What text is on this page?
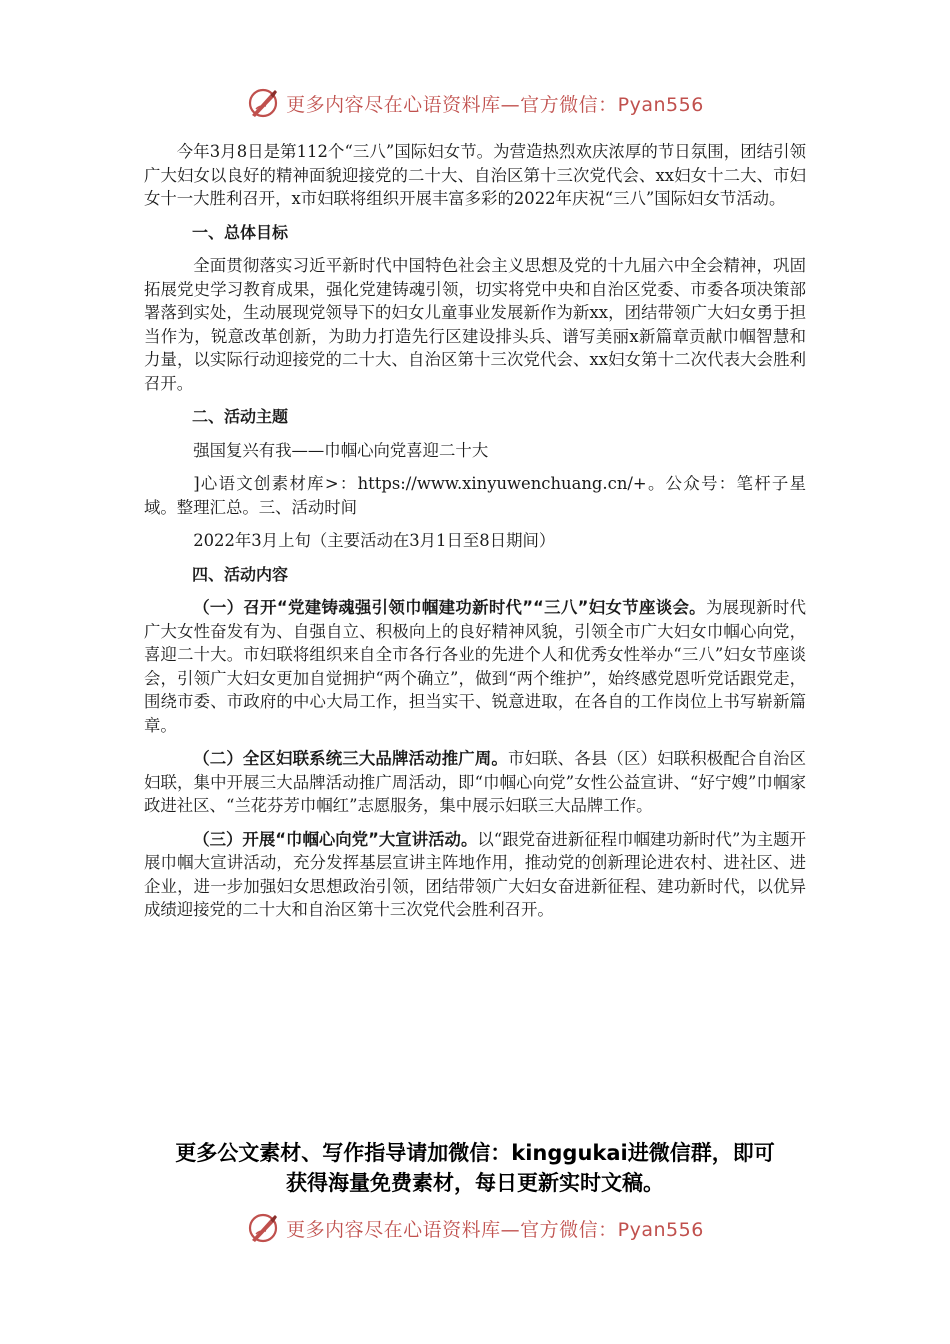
更多内容尽在心语资料库—官方微信：Pyan556

今年3月8日是第112个“三八”国际妇女节。为营造热烈欢庆浓厚的节日氛围，团结引领广大妇女以良好的精神面貌迎接党的二十大、自治区第十三次党代会、xx妇女十二大、市妇女十一大胜利召开，x市妇联将组织开展丰富多彩的2022年庆祝“三八”国际妇女节活动。

一、总体目标

全面贯彻落实习近平新时代中国特色社会主义思想及党的十九届六中全会精神，巩固拓展党史学习教育成果，强化党建铸魂引领，切实将党中央和自治区党委、市委各项决策部署落到实处，生动展现党领导下的妇女儿童事业发展新作为新xx，团结带领广大妇女勇于担当作为，锐意改革创新，为助力打造先行区建设排头兵、谱写美丽x新篇章贡献巾帼智慧和力量，以实际行动迎接党的二十大、自治区第十三次党代会、xx妇女第十二次代表大会胜利召开。

二、活动主题

强国复兴有我——巾帼心向党喜迎二十大

]心语文创素材库>：https://www.xinyuwenchuang.cn/+。公众号：笔杆子星域。整理汇总。三、活动时间

2022年3月上旬（主要活动在3月1日至8日期间）

四、活动内容

（一）召开“党建铸魂强引领巾帼建功新时代”“三八”妇女节座谈会。为展现新时代广大女性奋发有为、自强自立、积极向上的良好精神风貌，引领全市广大妇女巾帼心向党，喜迎二十大。市妇联将组织来自全市各行各业的先进个人和优秀女性举办“三八”妇女节座谈会，引领广大妇女更加自觉拥护“两个确立”，做到“两个维护”，始终感党恩听党话跟党走，围绕市委、市政府的中心大局工作，担当实干、锐意进取，在各自的工作岗位上书写崭新篇章。

（二）全区妇联系统三大品牌活动推广周。市妇联、各县（区）妇联积极配合自治区妇联，集中开展三大品牌活动推广周活动，即“巾帼心向党”女性公益宣讲、“好宁嫂”巾帼家政进社区、“兰花芬芳巾帼红”志愿服务，集中展示妇联三大品牌工作。

（三）开展“巾帼心向党”大宣讲活动。以“跟党奋进新征程巾帼建功新时代”为主题开展巾帼大宣讲活动，充分发挥基层宣讲主阵地作用，推动党的创新理论进农村、进社区、进企业，进一步加强妇女思想政治引领，团结带领广大妇女奋进新征程、建功新时代，以优异成绩迎接党的二十大和自治区第十三次党代会胜利召开。

更多公文素材、写作指导请加微信：kinggukai进微信群，即可
获得海量免费素材，每日更新实时文稿。
更多内容尽在心语资料库—官方微信：Pyan556
